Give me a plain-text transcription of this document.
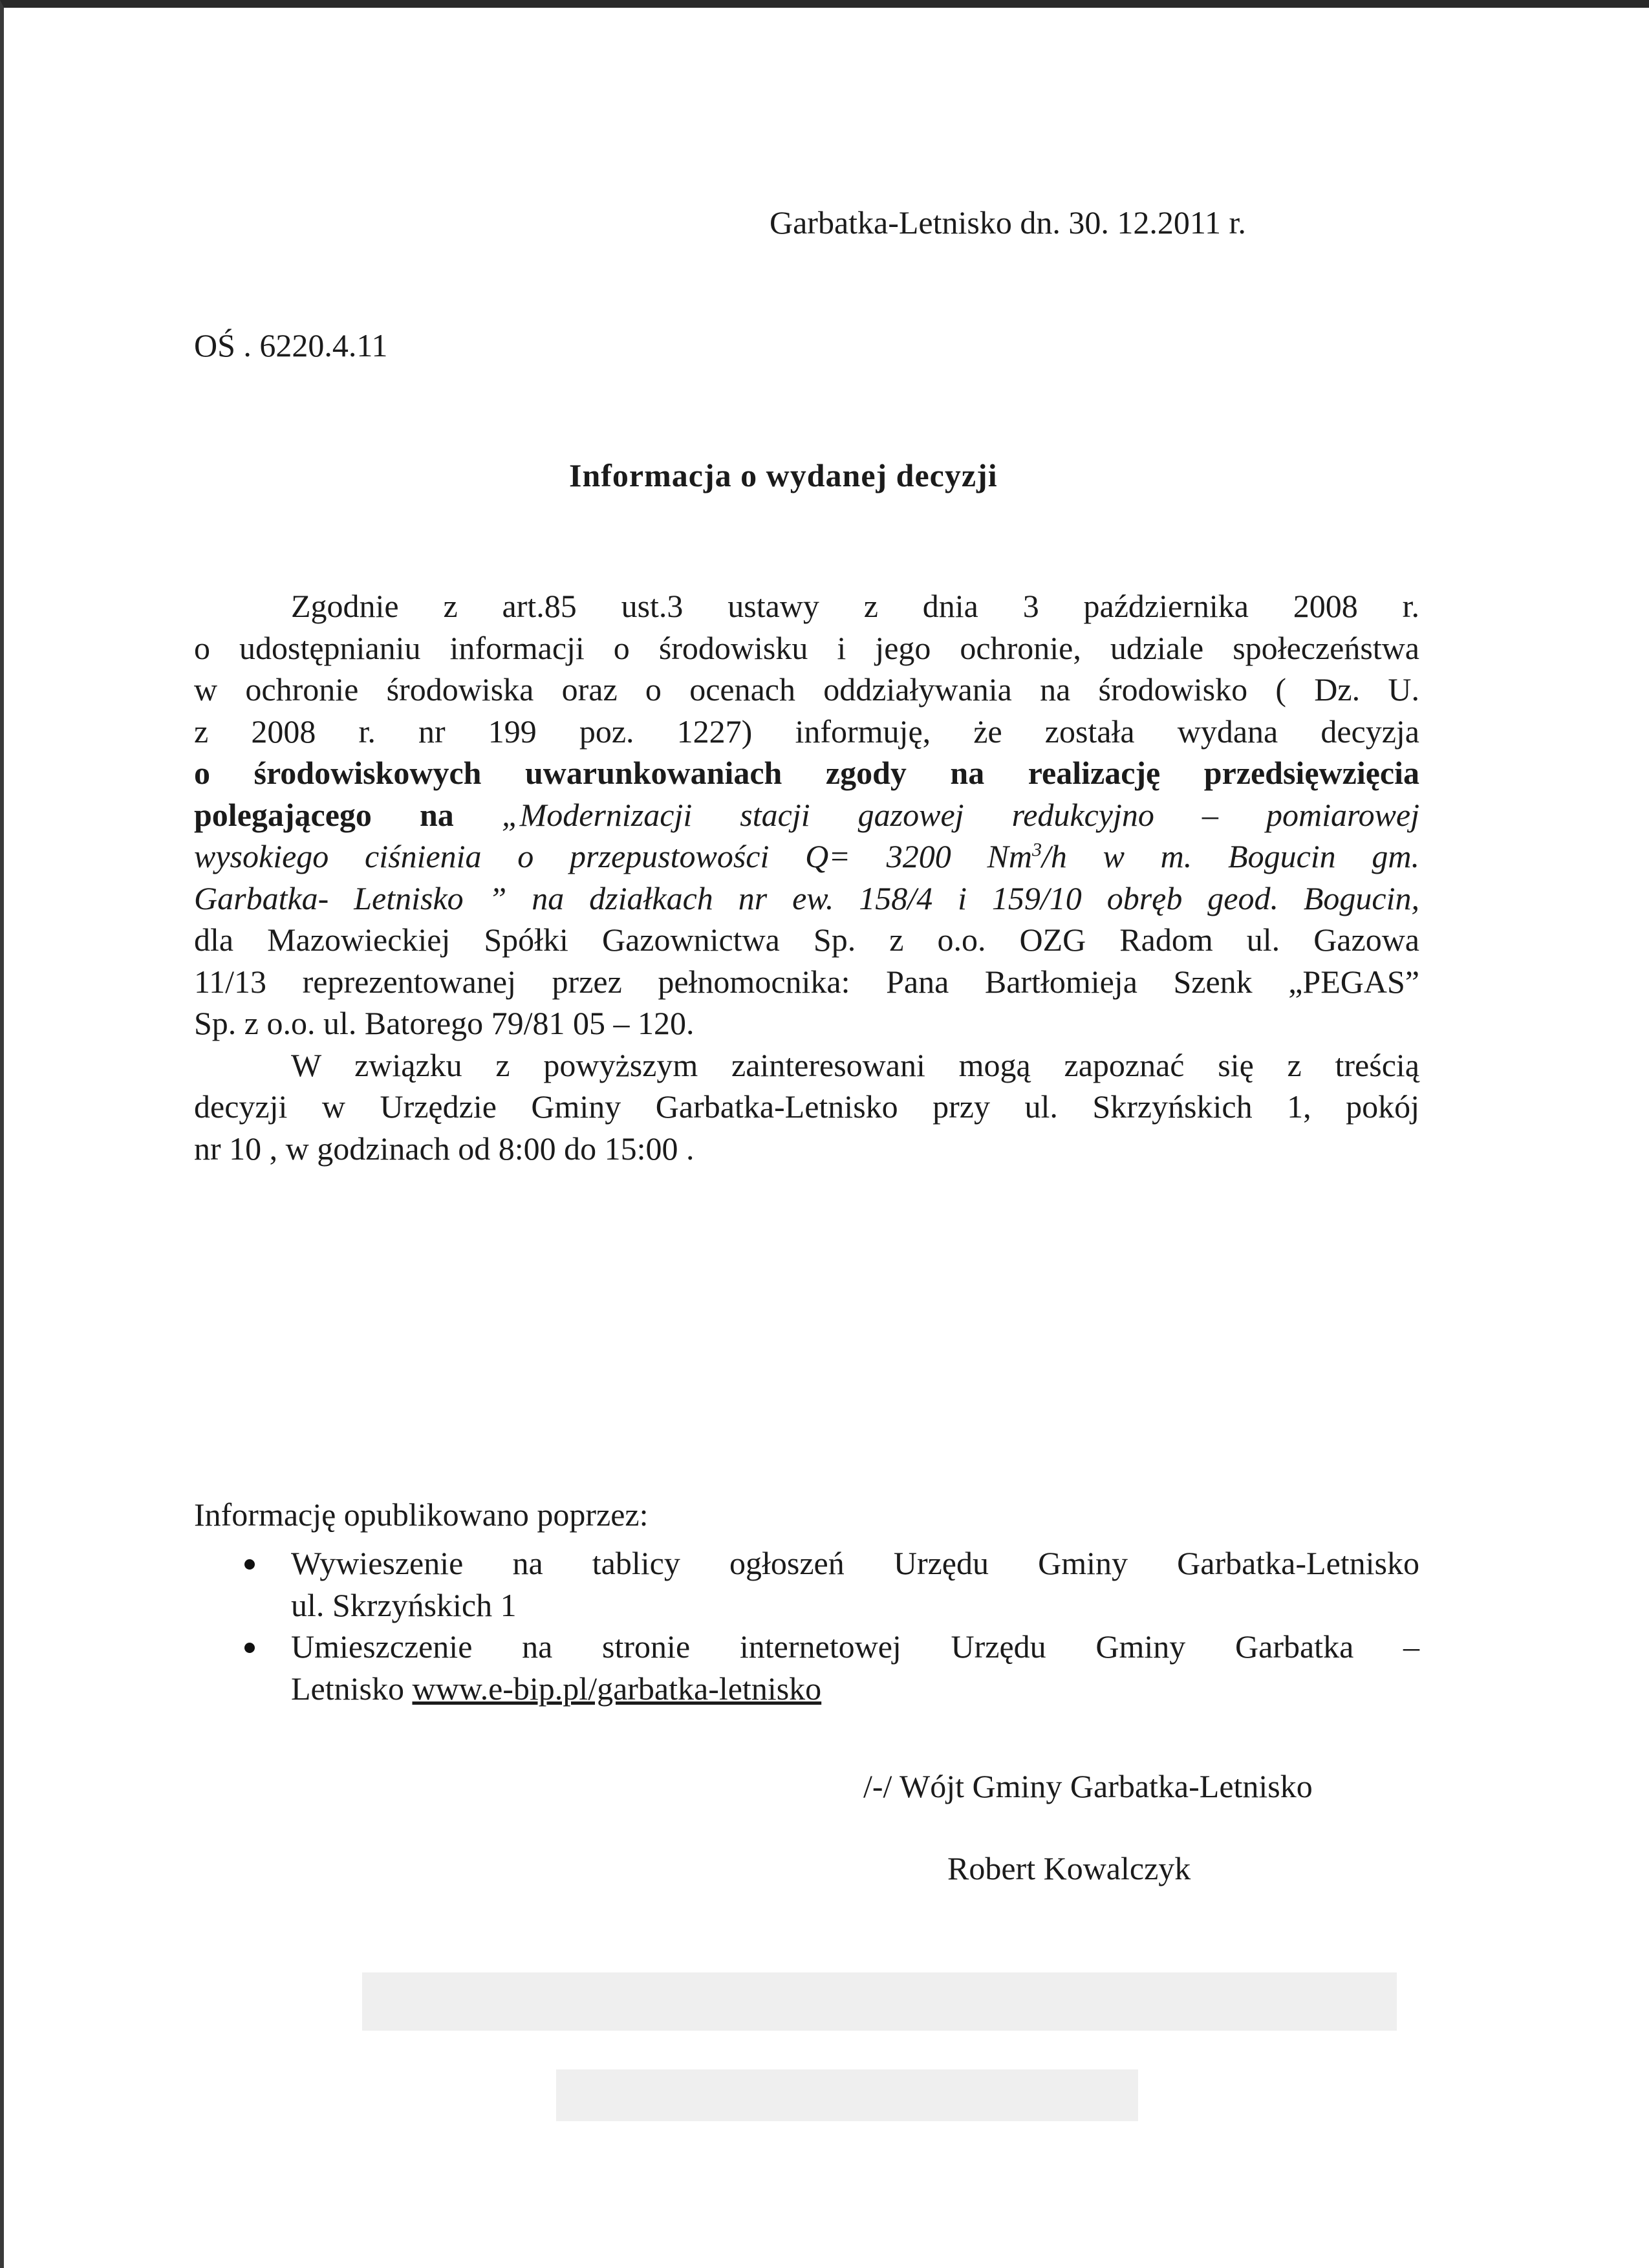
Garbatka-Letnisko dn. 30. 12.2011 r.

OŚ . 6220.4.11

Informacja o wydanej decyzji
Zgodnie z art.85 ust.3 ustawy z dnia 3 października 2008 r.
o udostępnianiu informacji o środowisku i jego ochronie, udziale społeczeństwa
w ochronie środowiska oraz o ocenach oddziaływania na środowisko ( Dz. U.
z 2008 r. nr 199 poz. 1227) informuję, że została wydana decyzja
o środowiskowych uwarunkowaniach zgody na realizację przedsięwzięcia
polegającego na „Modernizacji stacji gazowej redukcyjno – pomiarowej
wysokiego ciśnienia o przepustowości Q= 3200 Nm$^3$/h w m. Bogucin gm.
Garbatka- Letnisko ” na działkach nr ew. 158/4 i 159/10 obręb geod. Bogucin,
dla Mazowieckiej Spółki Gazownictwa Sp. z o.o. OZG Radom ul. Gazowa
11/13 reprezentowanej przez pełnomocnika: Pana Bartłomieja Szenk „PEGAS”
Sp. z o.o. ul. Batorego 79/81 05 – 120.
W związku z powyższym zainteresowani mogą zapoznać się z treścią
decyzji w Urzędzie Gminy Garbatka-Letnisko przy ul. Skrzyńskich 1, pokój
nr 10 , w godzinach od 8:00 do 15:00 .

Informację opublikowano poprzez:

Wywieszenie na tablicy ogłoszeń Urzędu Gminy Garbatka-Letnisko
ul. Skrzyńskich 1
Umieszczenie na stronie internetowej Urzędu Gminy Garbatka –
Letnisko www.e-bip.pl/garbatka-letnisko

/-/ Wójt Gminy Garbatka-Letnisko

Robert Kowalczyk
